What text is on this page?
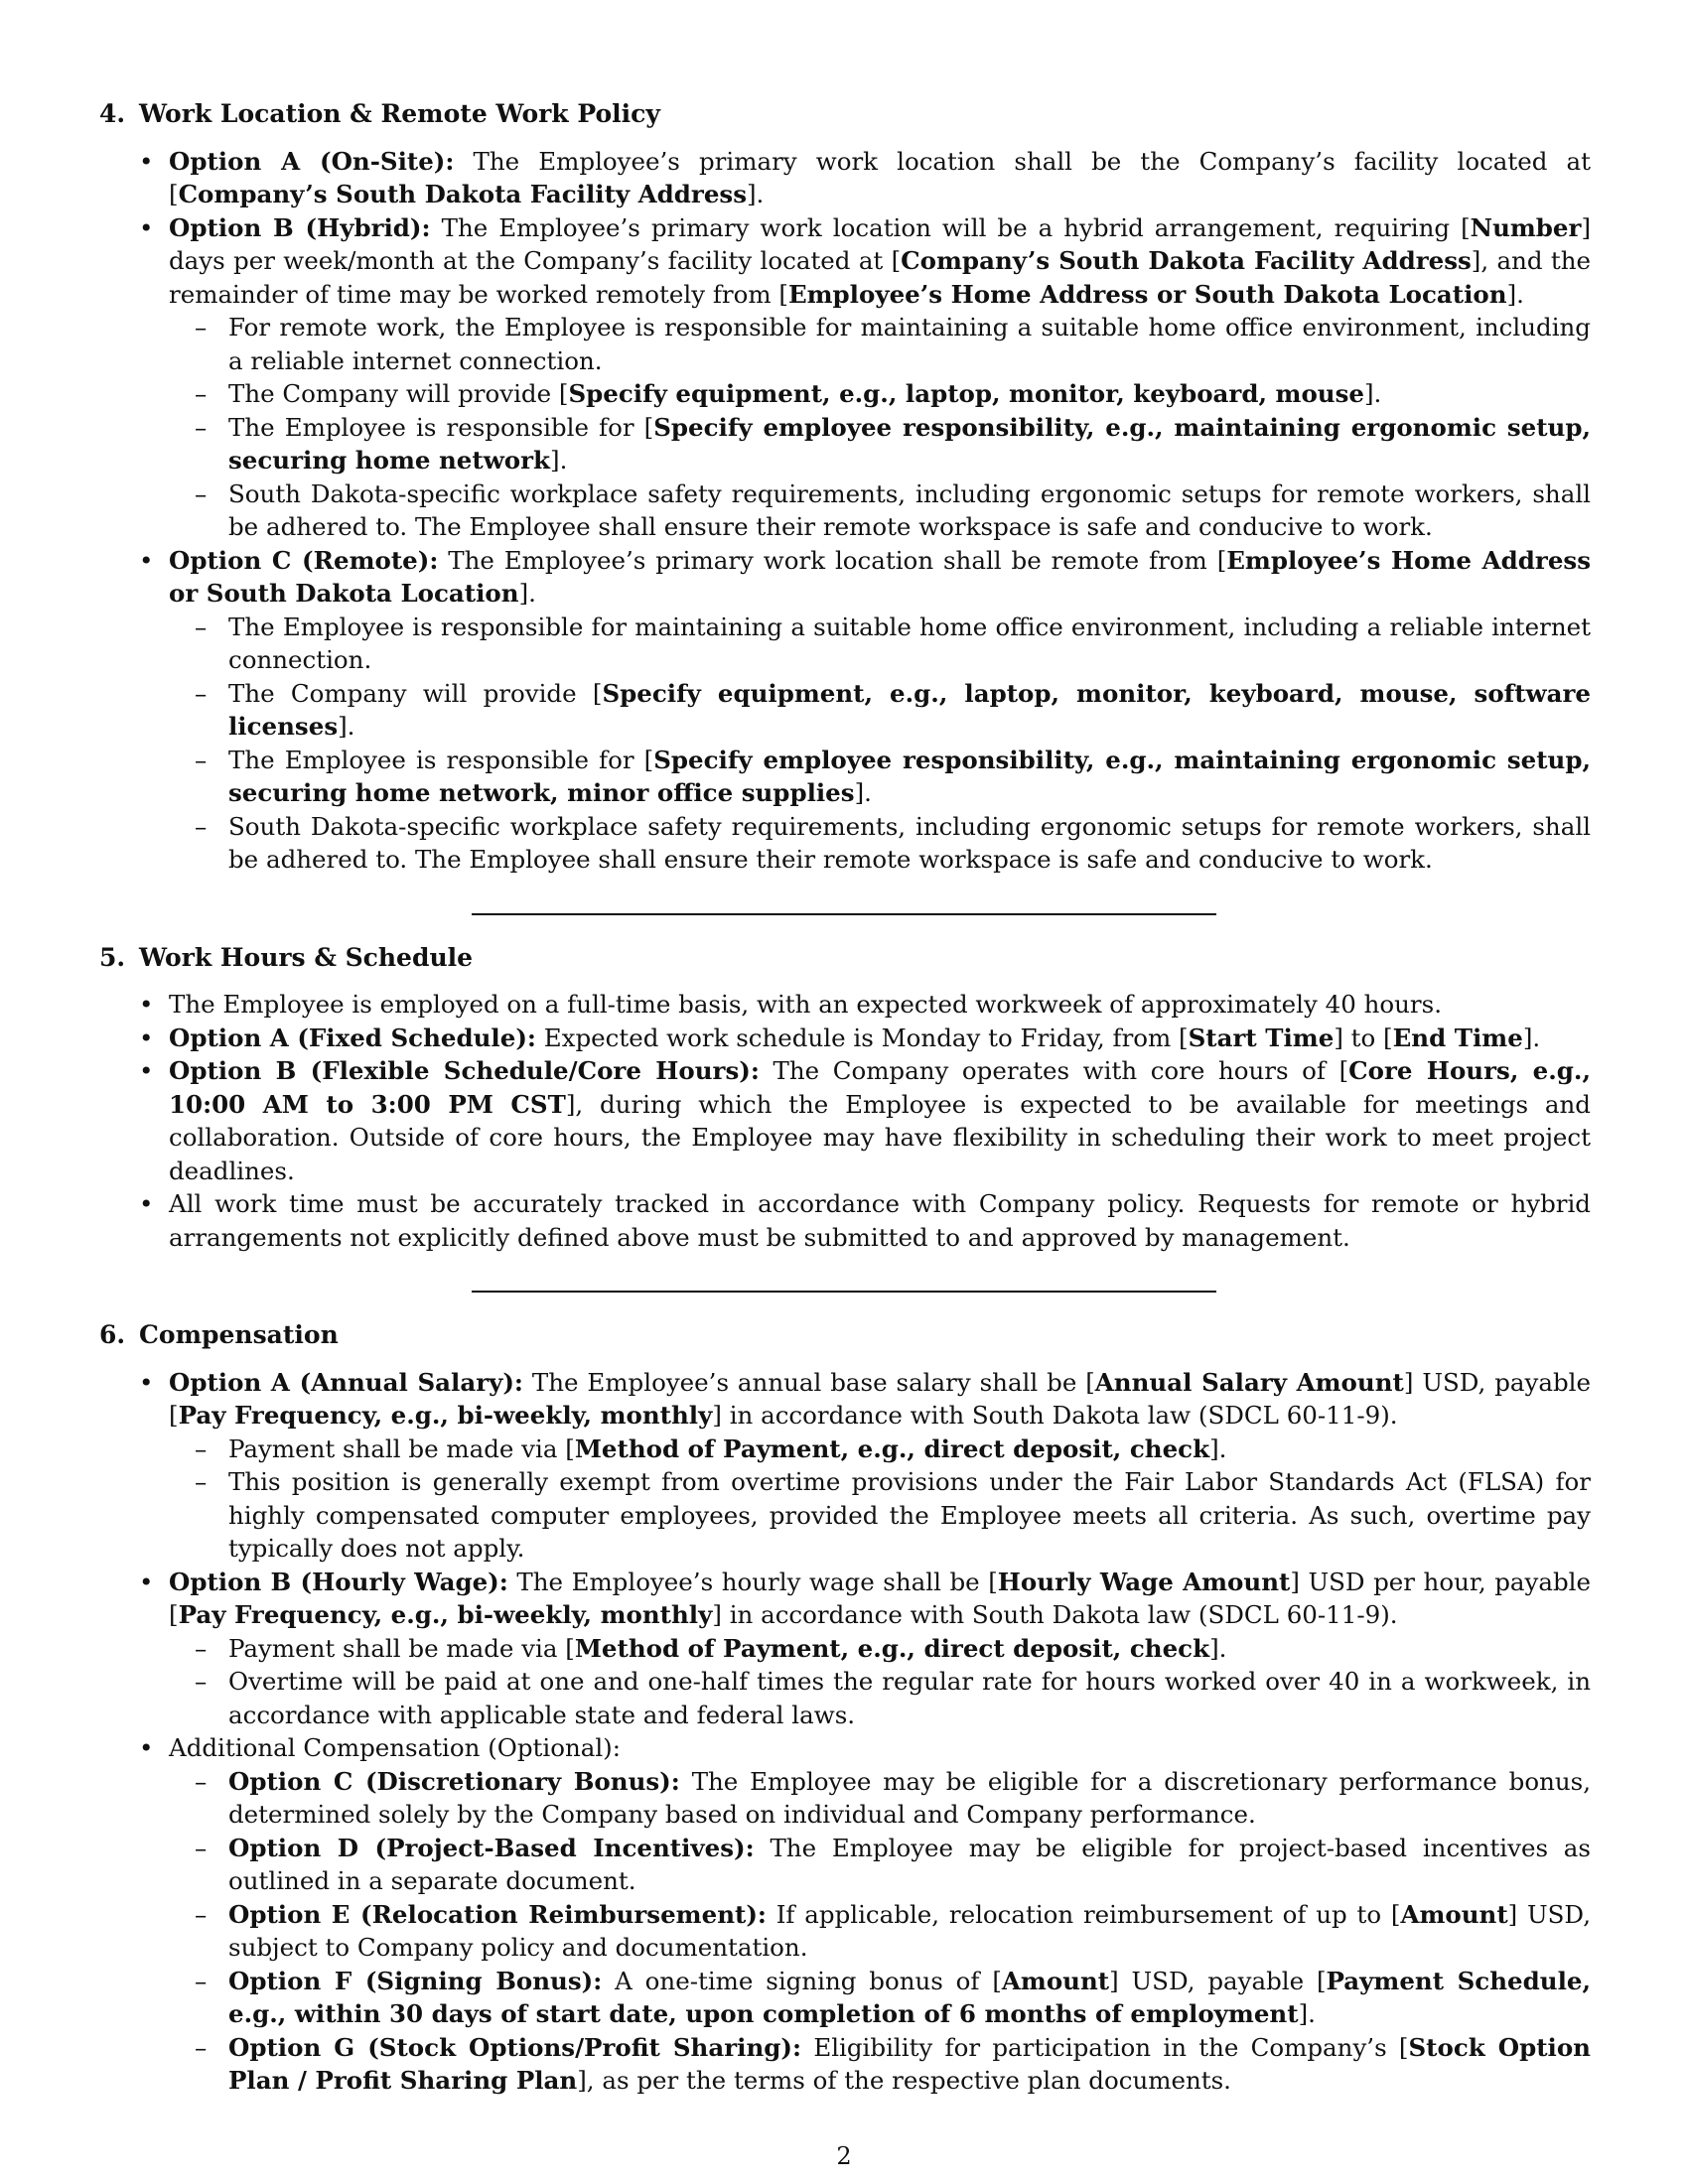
4. Work Location & Remote Work Policy
• Option A (On-Site): The Employee’s primary work location shall be the Company’s facility located at [Company’s South Dakota Facility Address].
• Option B (Hybrid): The Employee’s primary work location will be a hybrid arrangement, requiring [Number] days per week/month at the Company’s facility located at [Company’s South Dakota Facility Address], and the remainder of time may be worked remotely from [Employee’s Home Address or South Dakota Location].
– For remote work, the Employee is responsible for maintaining a suitable home office environment, including a reliable internet connection.
– The Company will provide [Specify equipment, e.g., laptop, monitor, keyboard, mouse].
– The Employee is responsible for [Specify employee responsibility, e.g., maintaining ergonomic setup, securing home network].
– South Dakota-specific workplace safety requirements, including ergonomic setups for remote workers, shall be adhered to. The Employee shall ensure their remote workspace is safe and conducive to work.
• Option C (Remote): The Employee’s primary work location shall be remote from [Employee’s Home Address or South Dakota Location].
– The Employee is responsible for maintaining a suitable home office environment, including a reliable internet connection.
– The Company will provide [Specify equipment, e.g., laptop, monitor, keyboard, mouse, software licenses].
– The Employee is responsible for [Specify employee responsibility, e.g., maintaining ergonomic setup, securing home network, minor office supplies].
– South Dakota-specific workplace safety requirements, including ergonomic setups for remote workers, shall be adhered to. The Employee shall ensure their remote workspace is safe and conducive to work.
5. Work Hours & Schedule
• The Employee is employed on a full-time basis, with an expected workweek of approximately 40 hours.
• Option A (Fixed Schedule): Expected work schedule is Monday to Friday, from [Start Time] to [End Time].
• Option B (Flexible Schedule/Core Hours): The Company operates with core hours of [Core Hours, e.g., 10:00 AM to 3:00 PM CST], during which the Employee is expected to be available for meetings and collaboration. Outside of core hours, the Employee may have flexibility in scheduling their work to meet project deadlines.
• All work time must be accurately tracked in accordance with Company policy. Requests for remote or hybrid arrangements not explicitly defined above must be submitted to and approved by management.
6. Compensation
• Option A (Annual Salary): The Employee’s annual base salary shall be [Annual Salary Amount] USD, payable [Pay Frequency, e.g., bi-weekly, monthly] in accordance with South Dakota law (SDCL 60-11-9).
– Payment shall be made via [Method of Payment, e.g., direct deposit, check].
– This position is generally exempt from overtime provisions under the Fair Labor Standards Act (FLSA) for highly compensated computer employees, provided the Employee meets all criteria. As such, overtime pay typically does not apply.
• Option B (Hourly Wage): The Employee’s hourly wage shall be [Hourly Wage Amount] USD per hour, payable [Pay Frequency, e.g., bi-weekly, monthly] in accordance with South Dakota law (SDCL 60-11-9).
– Payment shall be made via [Method of Payment, e.g., direct deposit, check].
– Overtime will be paid at one and one-half times the regular rate for hours worked over 40 in a workweek, in accordance with applicable state and federal laws.
• Additional Compensation (Optional):
– Option C (Discretionary Bonus): The Employee may be eligible for a discretionary performance bonus, determined solely by the Company based on individual and Company performance.
– Option D (Project-Based Incentives): The Employee may be eligible for project-based incentives as outlined in a separate document.
– Option E (Relocation Reimbursement): If applicable, relocation reimbursement of up to [Amount] USD, subject to Company policy and documentation.
– Option F (Signing Bonus): A one-time signing bonus of [Amount] USD, payable [Payment Schedule, e.g., within 30 days of start date, upon completion of 6 months of employment].
– Option G (Stock Options/Profit Sharing): Eligibility for participation in the Company’s [Stock Option Plan / Profit Sharing Plan], as per the terms of the respective plan documents.
2
